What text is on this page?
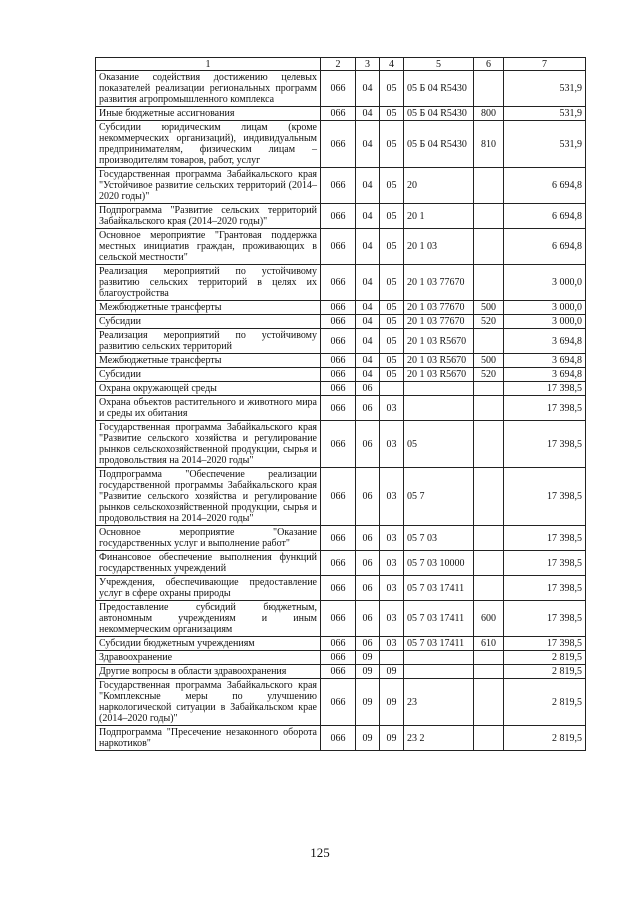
1	2	3	4	5	6	7
Оказание содействия достижению целевых показателей реализации региональных программ развития агропромышленного комплекса	066	04	05	05 Б 04 R5430		531,9
Иные бюджетные ассигнования	066	04	05	05 Б 04 R5430	800	531,9
Субсидии юридическим лицам (кроме некоммерческих организаций), индивидуальным предпринимателям, физическим лицам – производителям товаров, работ, услуг	066	04	05	05 Б 04 R5430	810	531,9
Государственная программа Забайкальского края "Устойчивое развитие сельских территорий (2014–2020 годы)"	066	04	05	20		6 694,8
Подпрограмма "Развитие сельских территорий Забайкальского края (2014–2020 годы)"	066	04	05	20 1		6 694,8
Основное мероприятие "Грантовая поддержка местных инициатив граждан, проживающих в сельской местности"	066	04	05	20 1 03		6 694,8
Реализация мероприятий по устойчивому развитию сельских территорий в целях их благоустройства	066	04	05	20 1 03 77670		3 000,0
Межбюджетные трансферты	066	04	05	20 1 03 77670	500	3 000,0
Субсидии	066	04	05	20 1 03 77670	520	3 000,0
Реализация мероприятий по устойчивому развитию сельских территорий	066	04	05	20 1 03 R5670		3 694,8
Межбюджетные трансферты	066	04	05	20 1 03 R5670	500	3 694,8
Субсидии	066	04	05	20 1 03 R5670	520	3 694,8
Охрана окружающей среды	066	06				17 398,5
Охрана объектов растительного и животного мира и среды их обитания	066	06	03			17 398,5
Государственная программа Забайкальского края "Развитие сельского хозяйства и регулирование рынков сельскохозяйственной продукции, сырья и продовольствия на 2014–2020 годы"	066	06	03	05		17 398,5
Подпрограмма "Обеспечение реализации государственной программы Забайкальского края "Развитие сельского хозяйства и регулирование рынков сельскохозяйственной продукции, сырья и продовольствия на 2014–2020 годы"	066	06	03	05 7		17 398,5
Основное мероприятие "Оказание государственных услуг и выполнение работ"	066	06	03	05 7 03		17 398,5
Финансовое обеспечение выполнения функций государственных учреждений	066	06	03	05 7 03 10000		17 398,5
Учреждения, обеспечивающие предоставление услуг в сфере охраны природы	066	06	03	05 7 03 17411		17 398,5
Предоставление субсидий бюджетным, автономным учреждениям и иным некоммерческим организациям	066	06	03	05 7 03 17411	600	17 398,5
Субсидии бюджетным учреждениям	066	06	03	05 7 03 17411	610	17 398,5
Здравоохранение	066	09				2 819,5
Другие вопросы в области здравоохранения	066	09	09			2 819,5
Государственная программа Забайкальского края "Комплексные меры по улучшению наркологической ситуации в Забайкальском крае (2014–2020 годы)"	066	09	09	23		2 819,5
Подпрограмма "Пресечение незаконного оборота наркотиков"	066	09	09	23 2		2 819,5
125
